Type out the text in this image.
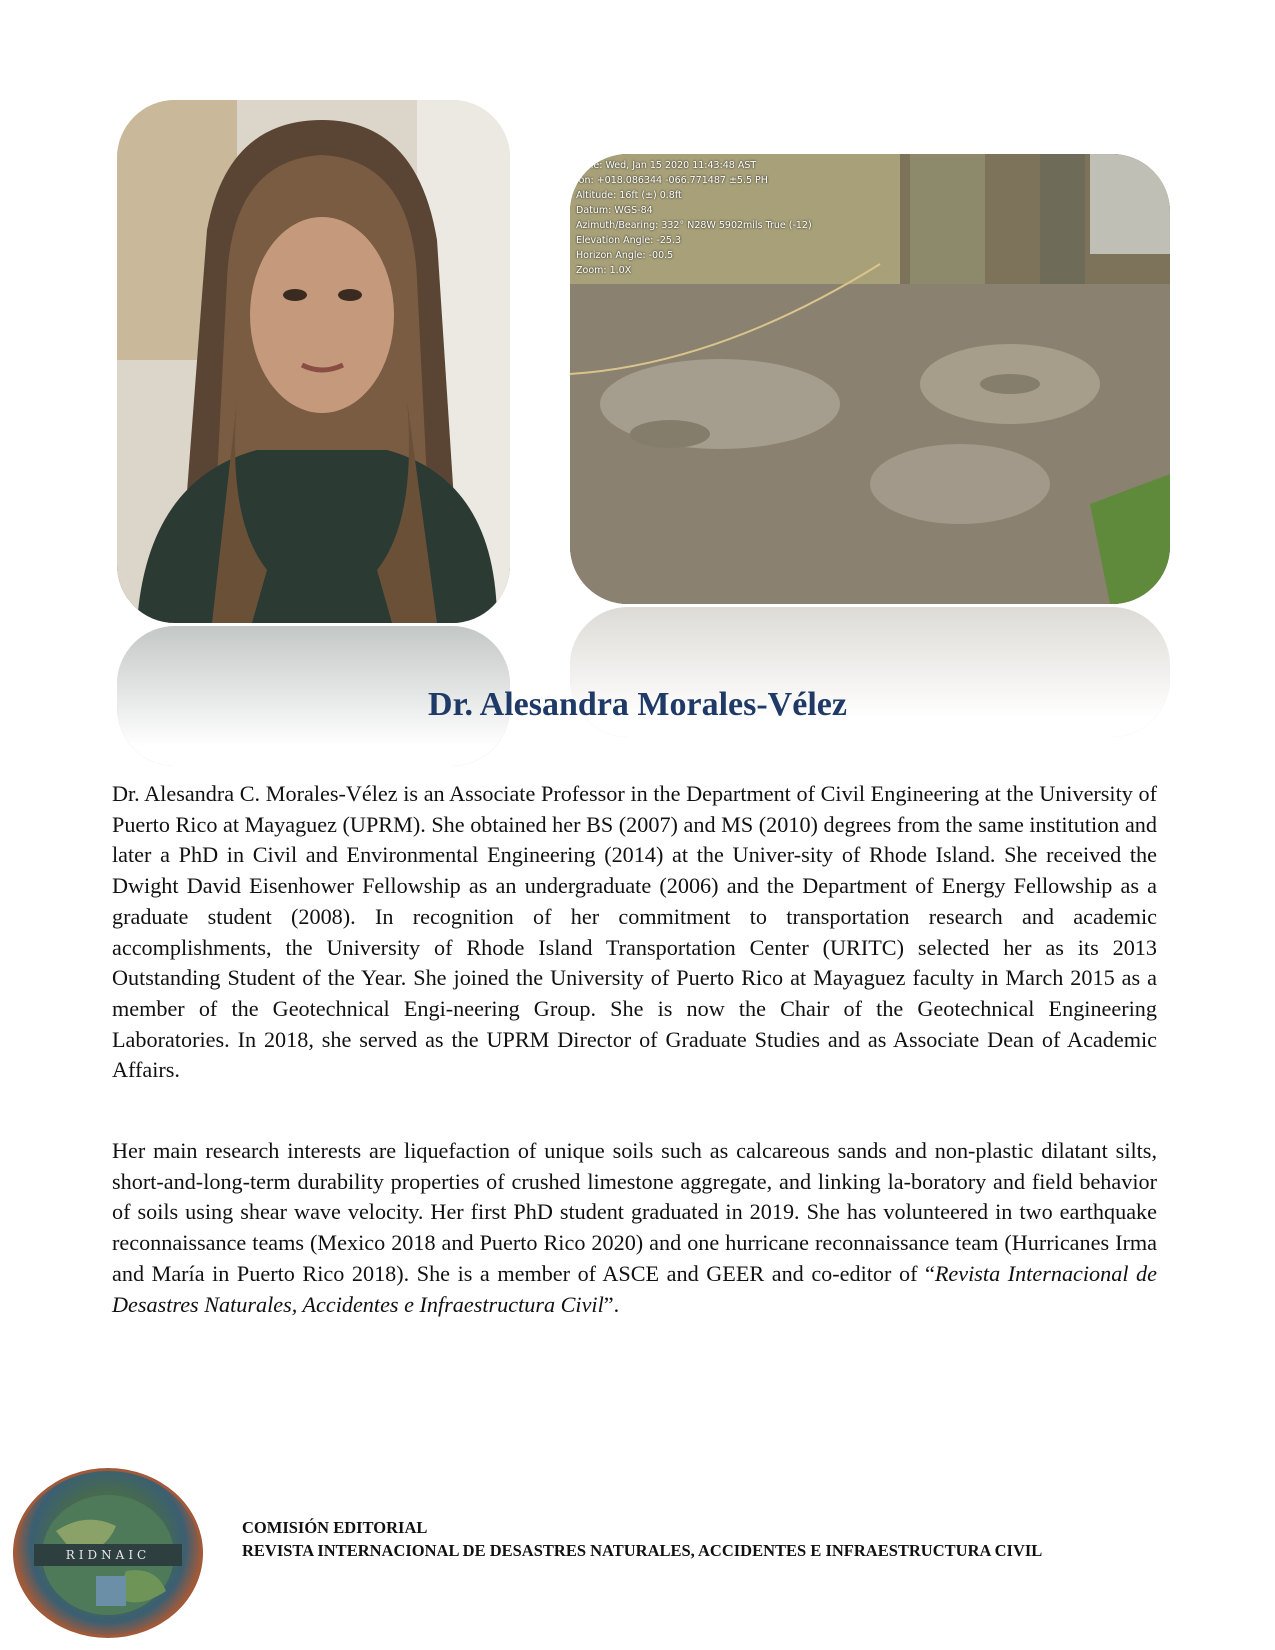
Time: Wed, Jan 15 2020 11:43:48 AST
ion: +018.086344 -066.771487 ±5.5 PH
Altitude: 16ft (±) 0.8ft
Datum: WGS-84
Azimuth/Bearing: 332° N28W 5902mils True (-12)
Elevation Angle: -25.3
Horizon Angle: -00.5
Zoom: 1.0X
Dr. Alesandra Morales-Vélez

Dr. Alesandra C. Morales-Vélez is an Associate Professor in the Department of Civil Engineering at the University of Puerto Rico at Mayaguez (UPRM). She obtained her BS (2007) and MS (2010) degrees from the same institution and later a PhD in Civil and Environmental Engineering (2014) at the Univer-sity of Rhode Island. She received the Dwight David Eisenhower Fellowship as an undergraduate (2006) and the Department of Energy Fellowship as a graduate student (2008). In recognition of her commitment to transportation research and academic accomplishments, the University of Rhode Island Transportation Center (URITC) selected her as its 2013 Outstanding Student of the Year. She joined the University of Puerto Rico at Mayaguez faculty in March 2015 as a member of the Geotechnical Engi-neering Group. She is now the Chair of the Geotechnical Engineering Laboratories. In 2018, she served as the UPRM Director of Graduate Studies and as Associate Dean of Academic Affairs.

Her main research interests are liquefaction of unique soils such as calcareous sands and non-plastic dilatant silts, short-and-long-term durability properties of crushed limestone aggregate, and linking la-boratory and field behavior of soils using shear wave velocity. Her first PhD student graduated in 2019. She has volunteered in two earthquake reconnaissance teams (Mexico 2018 and Puerto Rico 2020) and one hurricane reconnaissance team (Hurricanes Irma and María in Puerto Rico 2018). She is a member of ASCE and GEER and co-editor of “Revista Internacional de Desastres Naturales, Accidentes e Infraestructura Civil”.

RIDNAIC
COMISIÓN EDITORIAL
REVISTA INTERNACIONAL DE DESASTRES NATURALES, ACCIDENTES E INFRAESTRUCTURA CIVIL
